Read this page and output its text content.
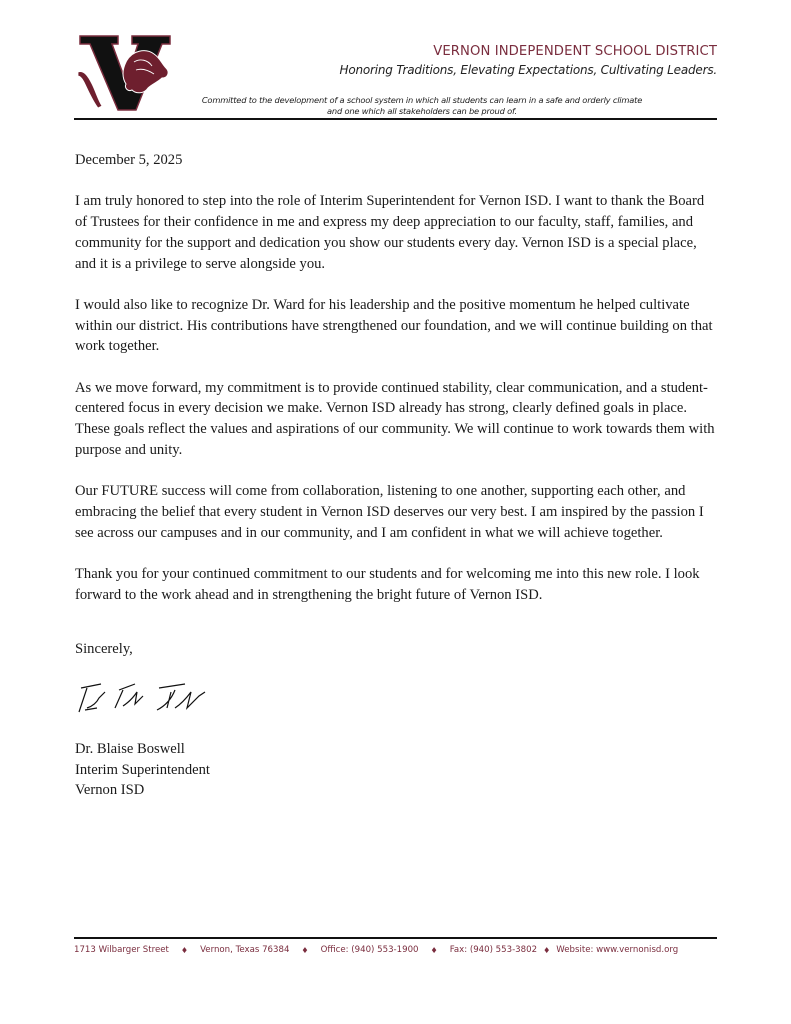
VERNON INDEPENDENT SCHOOL DISTRICT
Honoring Traditions, Elevating Expectations, Cultivating Leaders.
Committed to the development of a school system in which all students can learn in a safe and orderly climate
and one which all stakeholders can be proud of.

December 5, 2025

I am truly honored to step into the role of Interim Superintendent for Vernon ISD. I want to thank the Board of Trustees for their confidence in me and express my deep appreciation to our faculty, staff, families, and community for the support and dedication you show our students every day. Vernon ISD is a special place, and it is a privilege to serve alongside you.

I would also like to recognize Dr. Ward for his leadership and the positive momentum he helped cultivate within our district. His contributions have strengthened our foundation, and we will continue building on that work together.

As we move forward, my commitment is to provide continued stability, clear communication, and a student-centered focus in every decision we make. Vernon ISD already has strong, clearly defined goals in place. These goals reflect the values and aspirations of our community. We will continue to work towards them with purpose and unity.

Our FUTURE success will come from collaboration, listening to one another, supporting each other, and embracing the belief that every student in Vernon ISD deserves our very best. I am inspired by the passion I see across our campuses and in our community, and I am confident in what we will achieve together.

Thank you for your continued commitment to our students and for welcoming me into this new role. I look forward to the work ahead and in strengthening the bright future of Vernon ISD.

Sincerely,
Dr. Blaise Boswell
Interim Superintendent
Vernon ISD
1713 Wilbarger Street ♦ Vernon, Texas 76384 ♦ Office: (940) 553-1900 ♦ Fax: (940) 553-3802 ♦ Website: www.vernonisd.org
